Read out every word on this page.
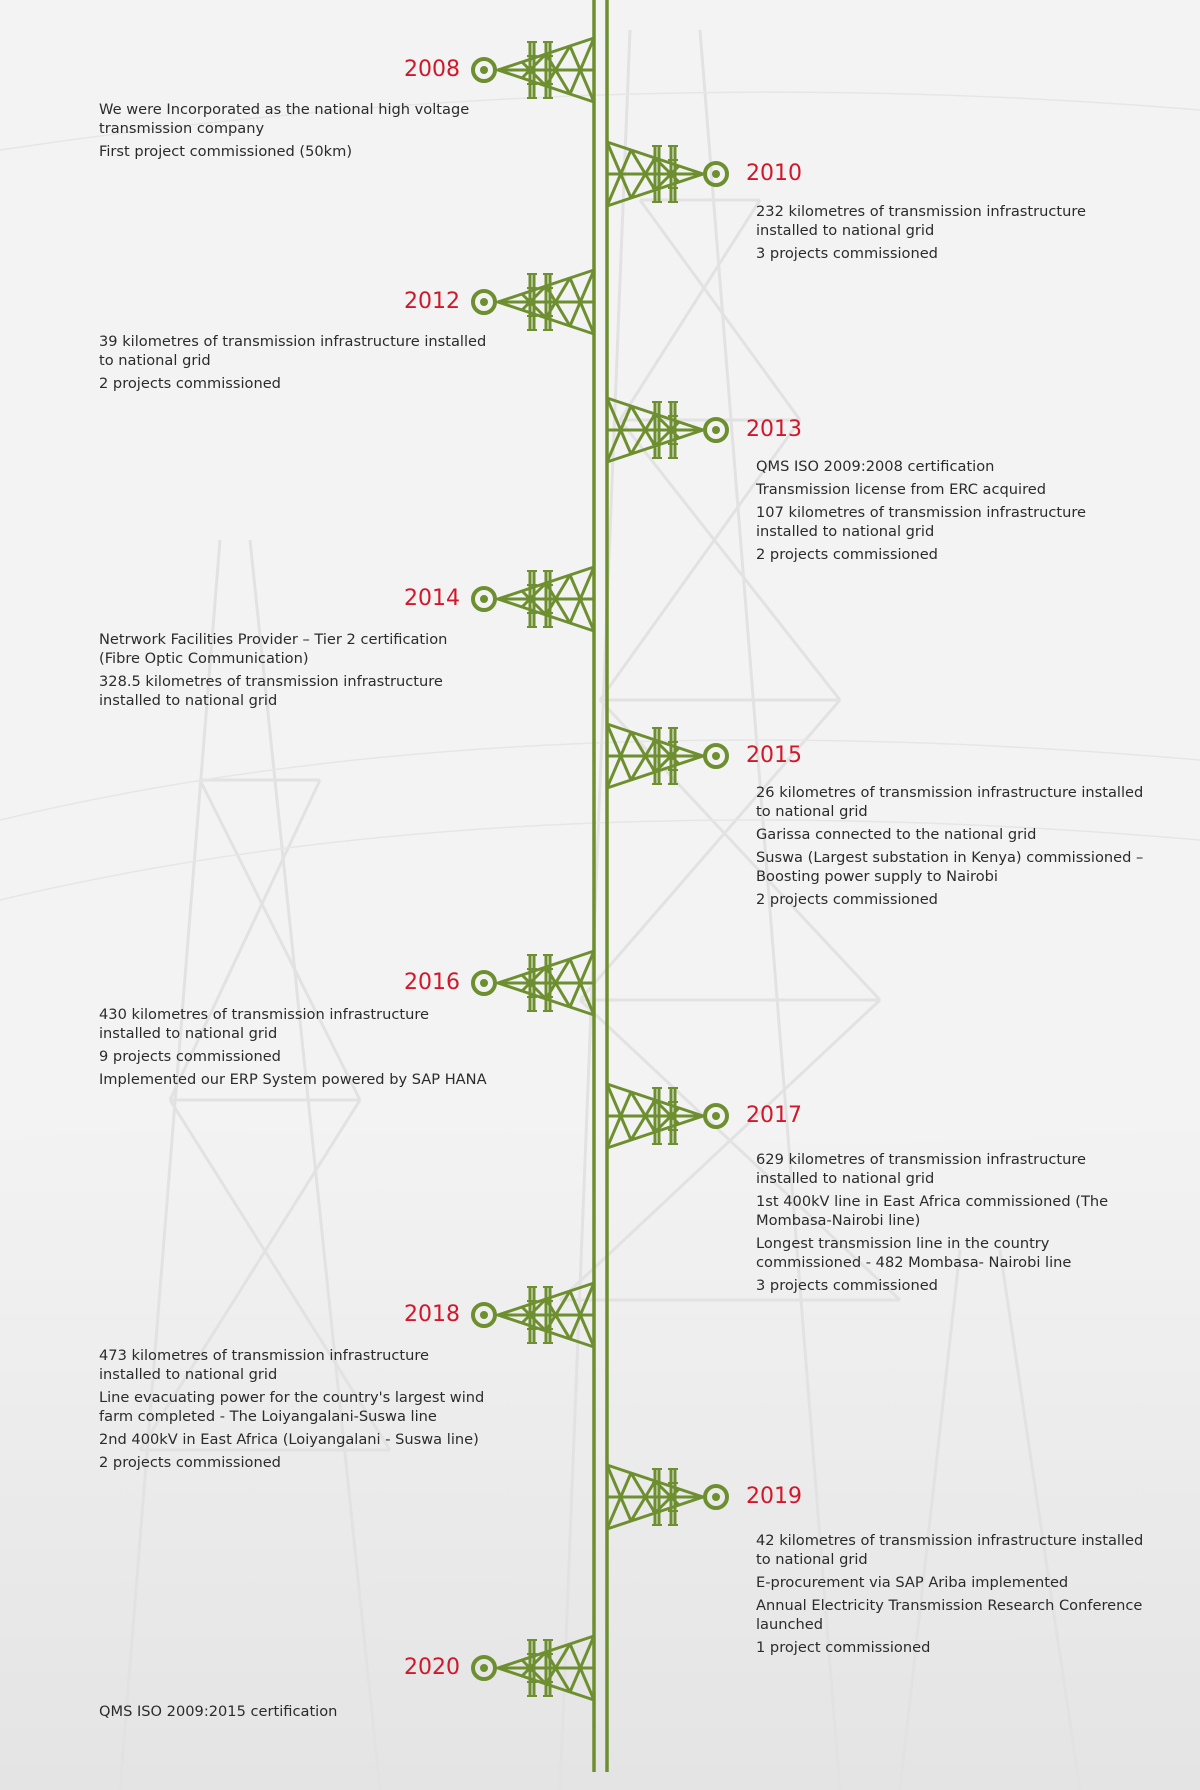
2008

We were Incorporated as the national high voltage transmission company

First project commissioned (50km)

2010

232 kilometres of transmission infrastructure installed to national grid

3 projects commissioned

2012

39 kilometres of transmission infrastructure installed to national grid

2 projects commissioned

2013

QMS ISO 2009:2008 certification

Transmission license from ERC acquired

107 kilometres of transmission infrastructure installed to national grid

2 projects commissioned

2014

Netrwork Facilities Provider – Tier 2 certification (Fibre Optic Communication)

328.5 kilometres of transmission infrastructure installed to national grid

2015

26 kilometres of transmission infrastructure installed to national grid

Garissa connected to the national grid

Suswa (Largest substation in Kenya) commissioned – Boosting power supply to Nairobi

2 projects commissioned

2016

430 kilometres of transmission infrastructure installed to national grid

9 projects commissioned

Implemented our ERP System powered by SAP HANA

2017

629 kilometres of transmission infrastructure installed to national grid

1st 400kV line in East Africa commissioned (The Mombasa-Nairobi line)

Longest transmission line in the country commissioned - 482 Mombasa- Nairobi line

3 projects commissioned

2018

473 kilometres of transmission infrastructure installed to national grid

Line evacuating power for the country's largest wind farm completed - The Loiyangalani-Suswa line

2nd 400kV in East Africa (Loiyangalani - Suswa line)

2 projects commissioned

2019

42 kilometres of transmission infrastructure installed to national grid

E-procurement via SAP Ariba implemented

Annual Electricity Transmission Research Conference launched

1 project commissioned

2020

QMS ISO 2009:2015 certification
